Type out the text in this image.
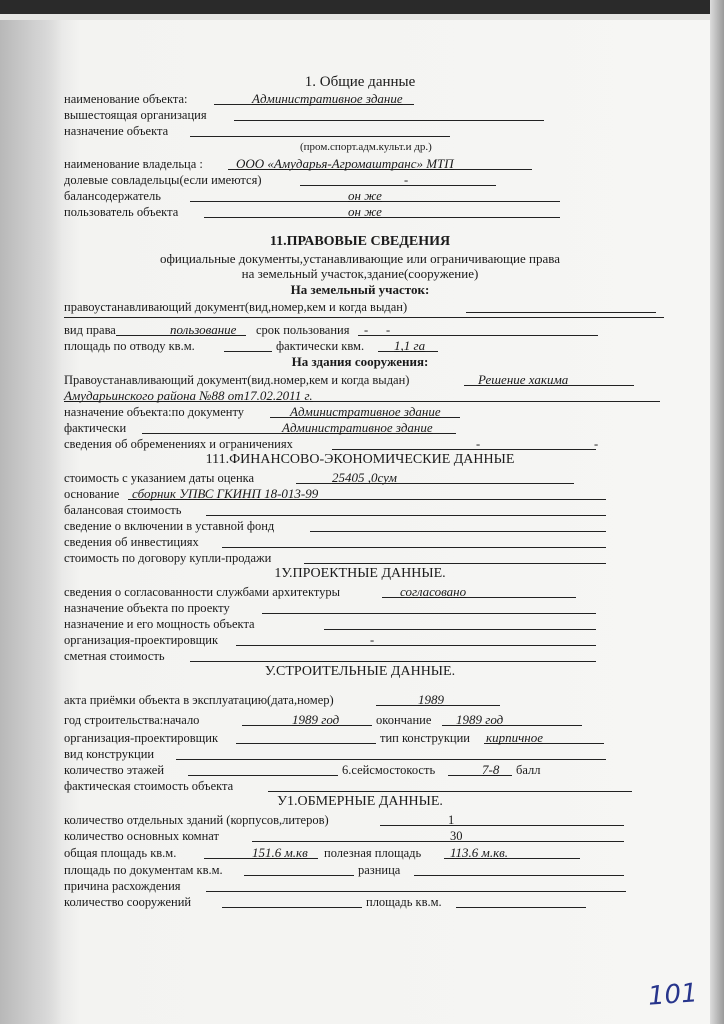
1. Общие данные
наименование объекта:	Административное здание
вышестоящая организация
назначение объекта
(пром.спорт.адм.культ.и др.)
наименование владельца :	ООО «Амударья-Агромаштранс» МТП
долевые совладельцы(если имеются)	-
балансодержатель	он же
пользователь объекта	он же
11.ПРАВОВЫЕ СВЕДЕНИЯ
официальные документы,устанавливающие или ограничивающие права
на земельный участок,здание(сооружение)
На земельный участок:
правоустанавливающий документ(вид,номер,кем и когда выдан)
вид права	пользование срок пользования - -
площадь по отводу кв.м.	фактически квм. 1,1 га
На здания сооружения:
Правоустанавливающий документ(вид.номер,кем и когда выдан)	Решение хакима
Амударьинского района №88 от17.02.2011 г.
назначение объекта:по документу	Административное здание
фактически	Административное здание
сведения об обременениях и ограничениях	-	-
111.ФИНАНСОВО-ЭКОНОМИЧЕСКИЕ ДАННЫЕ
стоимость с указанием даты оценка	25405 ,0сум
основание сборник УПВС ГКИНП 18-013-99
балансовая стоимость
сведение о включении в уставной фонд
сведения об инвестициях
стоимость по договору купли-продажи
1У.ПРОЕКТНЫЕ ДАННЫЕ.
сведения о согласованности службами архитектуры	согласовано
назначение объекта по проекту
назначение и его мощность объекта
организация-проектировщик	-
сметная стоимость
У.СТРОИТЕЛЬНЫЕ ДАННЫЕ.
акта приёмки объекта в эксплуатацию(дата,номер)	1989
год строительства:начало	1989 год	окончание 1989 год
организация-проектировщик	тип конструкции кирпичное
вид конструкции
количество этажей	6.сейсмостокость	7-8 балл
фактическая стоимость объекта
У1.ОБМЕРНЫЕ ДАННЫЕ.
количество отдельных зданий (корпусов,литеров)	1
количество основных комнат	30
общая площадь кв.м.	151.6 м.кв полезная площадь 113.6 м.кв.
площадь по документам кв.м.	разница
причина расхождения
количество сооружений	площадь кв.м.
101
